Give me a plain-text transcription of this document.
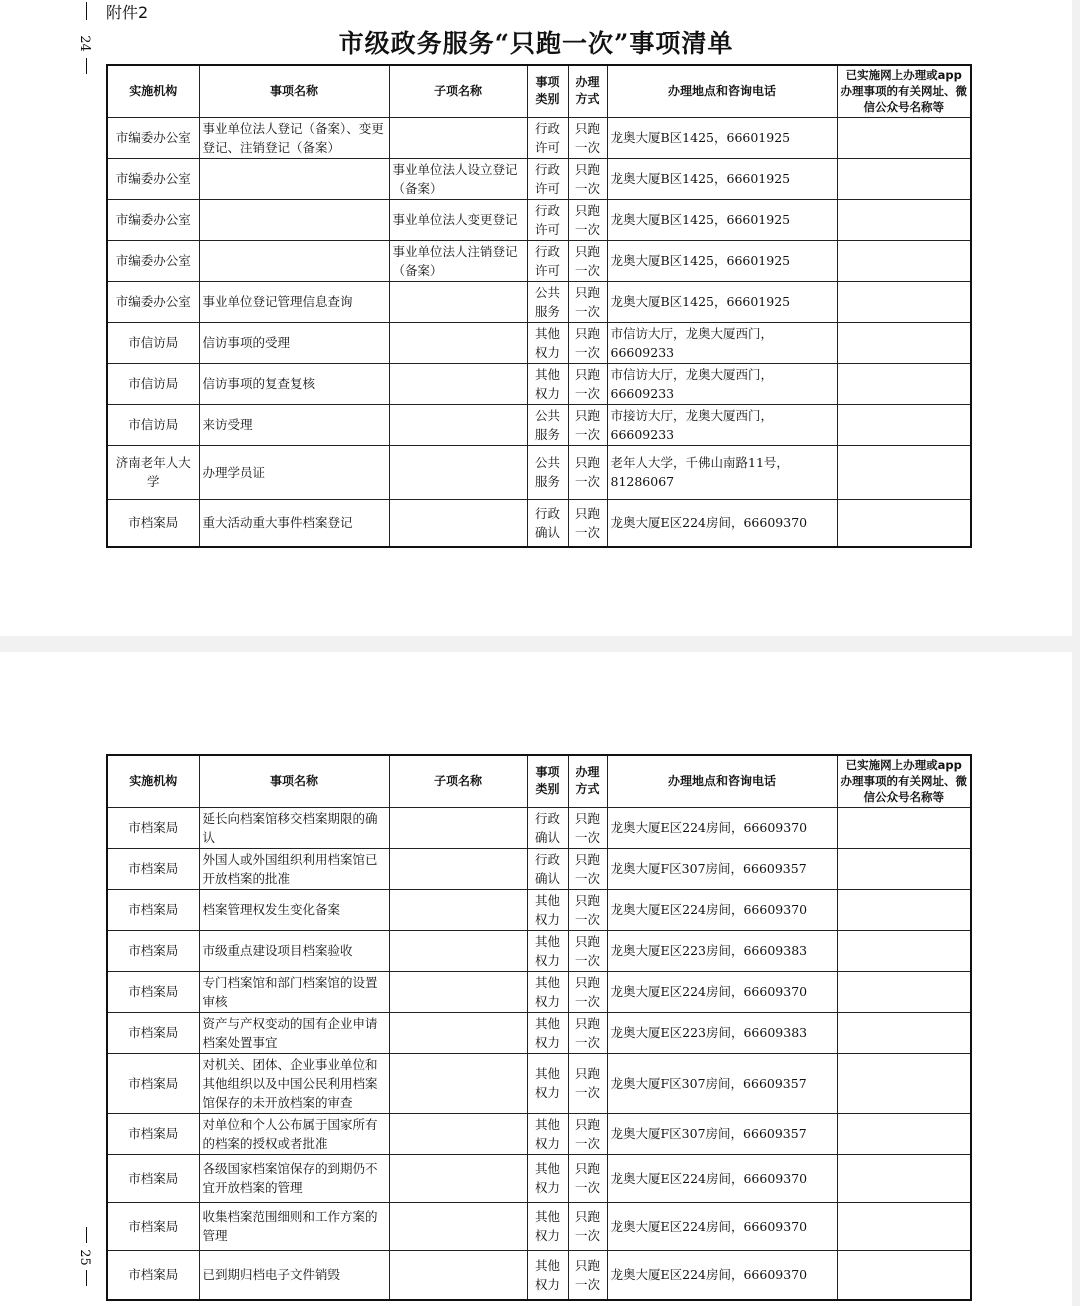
24
附件2
市级政务服务“只跑一次”事项清单
实施机构	事项名称	子项名称	事项类别	办理方式	办理地点和咨询电话	已实施网上办理或app办理事项的有关网址、微信公众号名称等
市编委办公室	事业单位法人登记（备案）、变更登记、注销登记（备案）		行政许可	只跑一次	龙奥大厦B区1425，66601925	
市编委办公室		事业单位法人设立登记（备案）	行政许可	只跑一次	龙奥大厦B区1425，66601925	
市编委办公室		事业单位法人变更登记	行政许可	只跑一次	龙奥大厦B区1425，66601925	
市编委办公室		事业单位法人注销登记（备案）	行政许可	只跑一次	龙奥大厦B区1425，66601925	
市编委办公室	事业单位登记管理信息查询		公共服务	只跑一次	龙奥大厦B区1425，66601925	
市信访局	信访事项的受理		其他权力	只跑一次	市信访大厅，龙奥大厦西门，66609233	
市信访局	信访事项的复查复核		其他权力	只跑一次	市信访大厅，龙奥大厦西门，66609233	
市信访局	来访受理		公共服务	只跑一次	市接访大厅，龙奥大厦西门，66609233	
济南老年人大学	办理学员证		公共服务	只跑一次	老年人大学，千佛山南路11号，81286067	
市档案局	重大活动重大事件档案登记		行政确认	只跑一次	龙奥大厦E区224房间，66609370	
25
实施机构	事项名称	子项名称	事项类别	办理方式	办理地点和咨询电话	已实施网上办理或app办理事项的有关网址、微信公众号名称等
市档案局	延长向档案馆移交档案期限的确认		行政确认	只跑一次	龙奥大厦E区224房间，66609370	
市档案局	外国人或外国组织利用档案馆已开放档案的批准		行政确认	只跑一次	龙奥大厦F区307房间，66609357	
市档案局	档案管理权发生变化备案		其他权力	只跑一次	龙奥大厦E区224房间，66609370	
市档案局	市级重点建设项目档案验收		其他权力	只跑一次	龙奥大厦E区223房间，66609383	
市档案局	专门档案馆和部门档案馆的设置审核		其他权力	只跑一次	龙奥大厦E区224房间，66609370	
市档案局	资产与产权变动的国有企业申请档案处置事宜		其他权力	只跑一次	龙奥大厦E区223房间，66609383	
市档案局	对机关、团体、企业事业单位和其他组织以及中国公民利用档案馆保存的未开放档案的审查		其他权力	只跑一次	龙奥大厦F区307房间，66609357	
市档案局	对单位和个人公布属于国家所有的档案的授权或者批准		其他权力	只跑一次	龙奥大厦F区307房间，66609357	
市档案局	各级国家档案馆保存的到期仍不宜开放档案的管理		其他权力	只跑一次	龙奥大厦E区224房间，66609370	
市档案局	收集档案范围细则和工作方案的管理		其他权力	只跑一次	龙奥大厦E区224房间，66609370	
市档案局	已到期归档电子文件销毁		其他权力	只跑一次	龙奥大厦E区224房间，66609370	
